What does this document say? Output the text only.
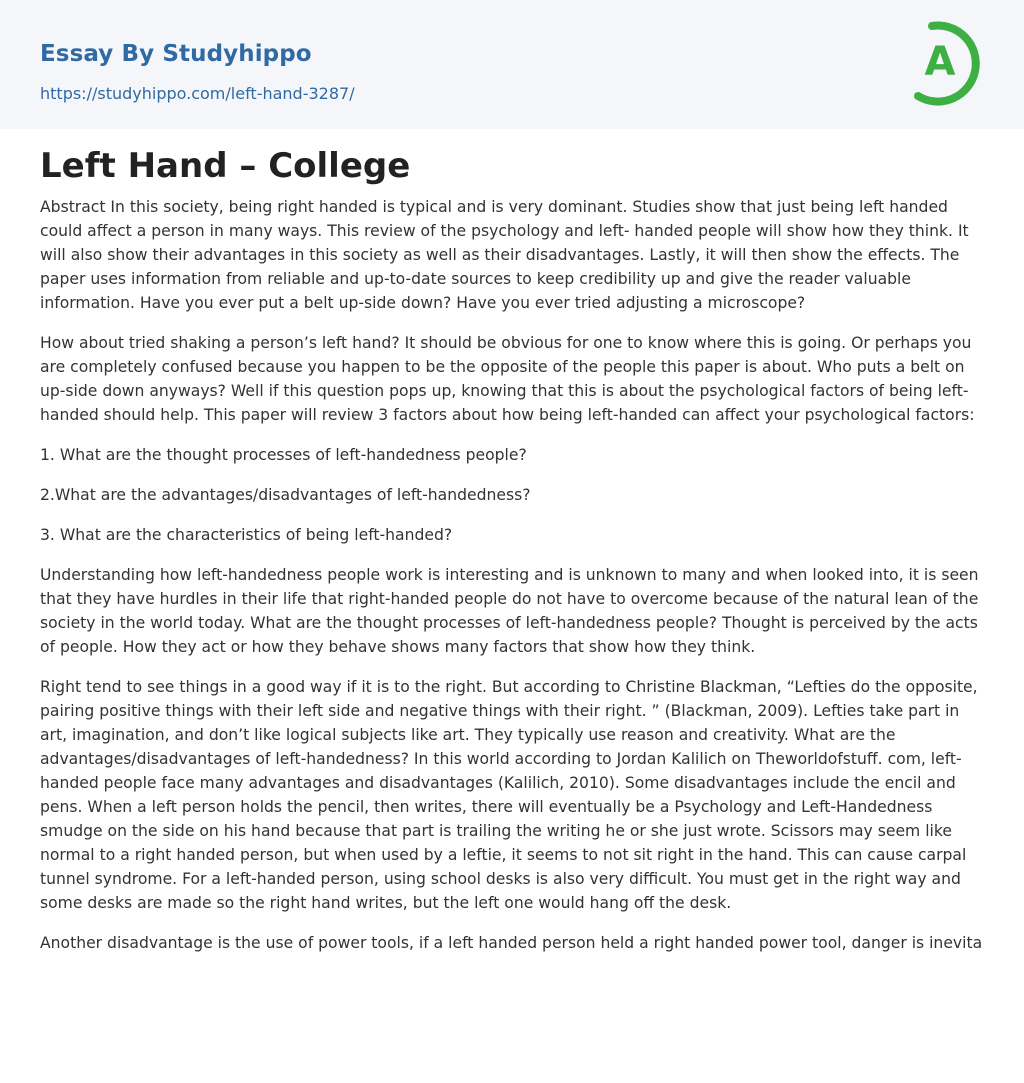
Essay By Studyhippo
https://studyhippo.com/left-hand-3287/
A
Left Hand – College

Abstract In this society, being right handed is typical and is very dominant. Studies show that just being left handed could affect a person in many ways. This review of the psychology and left- handed people will show how they think. It will also show their advantages in this society as well as their disadvantages. Lastly, it will then show the effects. The paper uses information from reliable and up-to-date sources to keep credibility up and give the reader valuable information. Have you ever put a belt up-side down? Have you ever tried adjusting a microscope?

How about tried shaking a person’s left hand? It should be obvious for one to know where this is going. Or perhaps you are completely confused because you happen to be the opposite of the people this paper is about. Who puts a belt on up-side down anyways? Well if this question pops up, knowing that this is about the psychological factors of being left-handed should help. This paper will review 3 factors about how being left-handed can affect your psychological factors:

1. What are the thought processes of left-handedness people?

2.What are the advantages/disadvantages of left-handedness?

3. What are the characteristics of being left-handed?

Understanding how left-handedness people work is interesting and is unknown to many and when looked into, it is seen that they have hurdles in their life that right-handed people do not have to overcome because of the natural lean of the society in the world today. What are the thought processes of left-handedness people? Thought is perceived by the acts of people. How they act or how they behave shows many factors that show how they think.

Right tend to see things in a good way if it is to the right. But according to Christine Blackman, “Lefties do the opposite, pairing positive things with their left side and negative things with their right. ” (Blackman, 2009). Lefties take part in art, imagination, and don’t like logical subjects like art. They typically use reason and creativity. What are the advantages/disadvantages of left-handedness? In this world according to Jordan Kalilich on Theworldofstuff. com, left-handed people face many advantages and disadvantages (Kalilich, 2010). Some disadvantages include the encil and pens. When a left person holds the pencil, then writes, there will eventually be a Psychology and Left-Handedness smudge on the side on his hand because that part is trailing the writing he or she just wrote. Scissors may seem like normal to a right handed person, but when used by a leftie, it seems to not sit right in the hand. This can cause carpal tunnel syndrome. For a left-handed person, using school desks is also very difficult. You must get in the right way and some desks are made so the right hand writes, but the left one would hang off the desk.

Another disadvantage is the use of power tools, if a left handed person held a right handed power tool, danger is inevita
